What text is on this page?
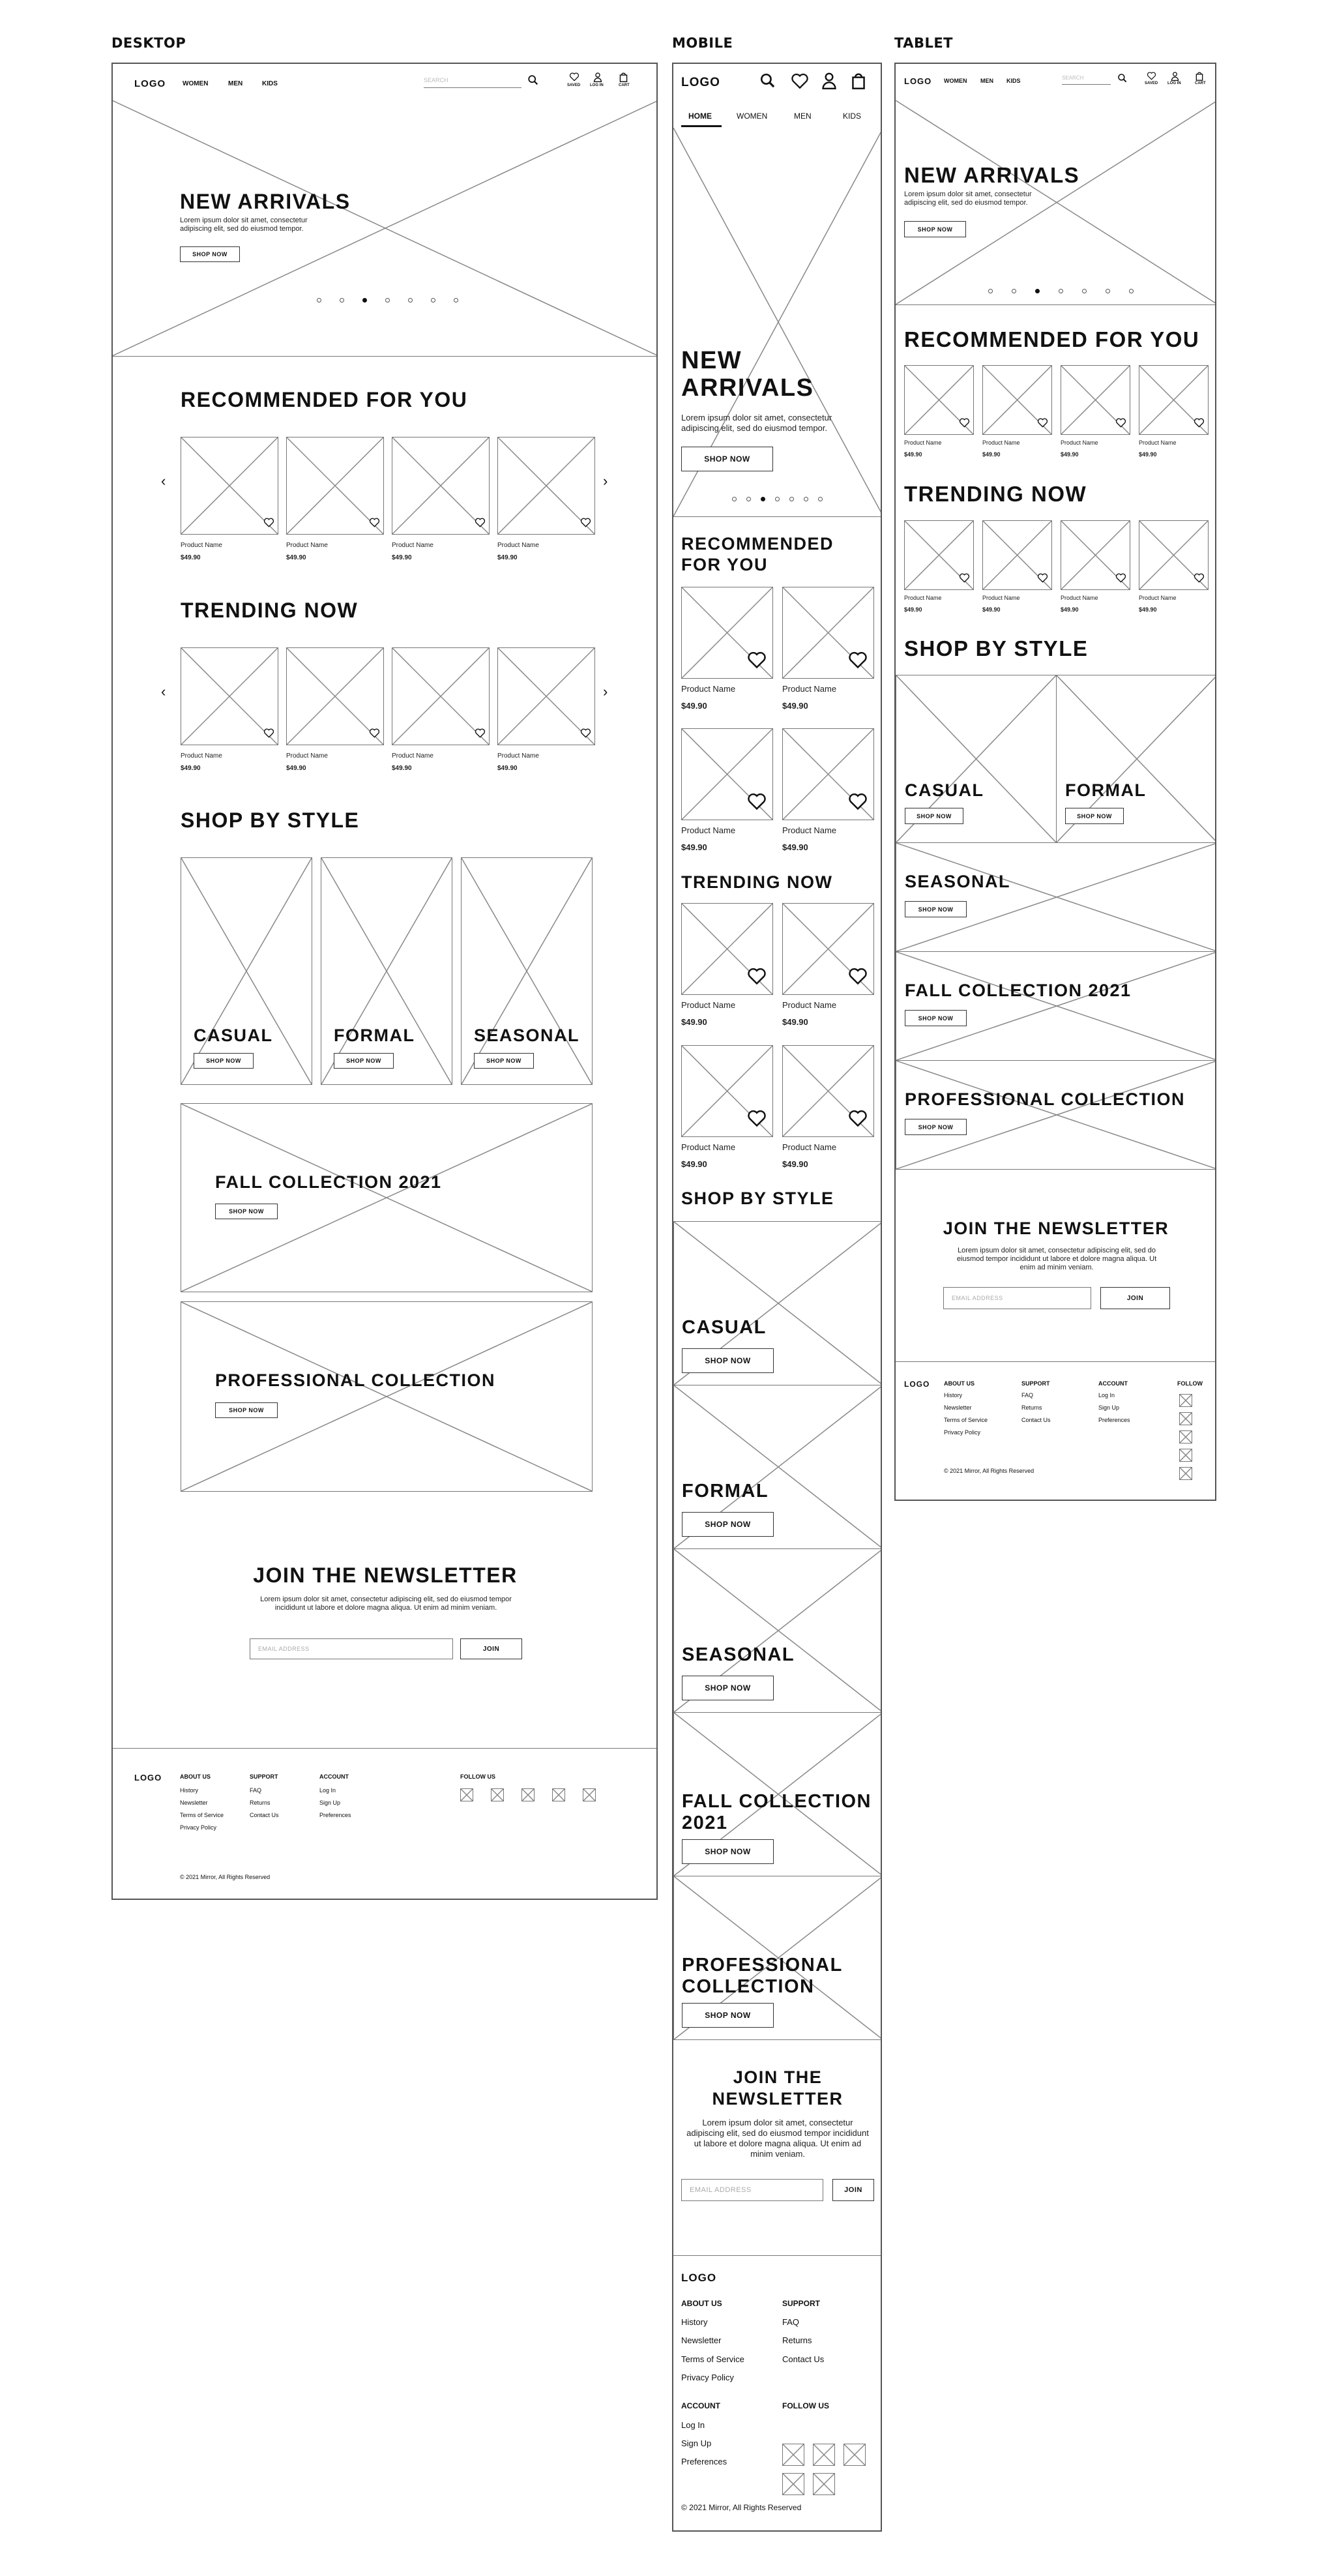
DESKTOP	MOBILE	TABLET
LOGO	WOMEN	MEN	KIDS	SEARCH
SAVED LOG IN	CART
NEW ARRIVALS
Lorem ipsum dolor sit amet, consectetur
adipiscing elit, sed do eiusmod tempor.
SHOP NOW
RECOMMENDED FOR YOU
TRENDING NOW
SHOP BY STYLE
‹	›
‹	›
CASUAL
SHOP NOW
FORMAL
SHOP NOW
SEASONAL
SHOP NOW
FALL COLLECTION 2021
SHOP NOW
PROFESSIONAL COLLECTION
SHOP NOW
JOIN THE NEWSLETTER
Lorem ipsum dolor sit amet, consectetur adipiscing elit, sed do eiusmod tempor incididunt ut labore et dolore magna aliqua. Ut enim ad minim veniam.
EMAIL ADDRESS	JOIN
LOGO	ABOUT US
History
Newsletter
Terms of Service
Privacy Policy
SUPPORT
FAQ
Returns
Contact Us
ACCOUNT
Log In
Sign Up
Preferences
FOLLOW US
© 2021 Mirror, All Rights Reserved
Product Name
$49.90
Product Name
$49.90
Product Name
$49.90
Product Name
$49.90
Product Name
$49.90
Product Name
$49.90
Product Name
$49.90
Product Name
$49.90
LOGO
HOME	WOMEN	MEN	KIDS
NEW
ARRIVALS
Lorem ipsum dolor sit amet, consectetur
adipiscing elit, sed do eiusmod tempor.
SHOP NOW
RECOMMENDED
FOR YOU
TRENDING NOW
SHOP BY STYLE
JOIN THE
NEWSLETTER
Lorem ipsum dolor sit amet, consectetur adipiscing elit, sed do eiusmod tempor incididunt ut labore et dolore magna aliqua. Ut enim ad minim veniam.
EMAIL ADDRESS	JOIN
LOGO
ABOUT US
History
Newsletter
Terms of Service
Privacy Policy
SUPPORT
FAQ
Returns
Contact Us
ACCOUNT
Log In
Sign Up
Preferences
FOLLOW US
© 2021 Mirror, All Rights Reserved
Product Name
$49.90
Product Name
$49.90
Product Name
$49.90
Product Name
$49.90
Product Name
$49.90
Product Name
$49.90
Product Name
$49.90
Product Name
$49.90
CASUAL
SHOP NOW
FORMAL
SHOP NOW
SEASONAL
SHOP NOW
FALL COLLECTION
2021
SHOP NOW
PROFESSIONAL
COLLECTION
SHOP NOW
LOGO WOMEN MEN KIDS	SEARCH
SAVED LOG IN	CART
NEW ARRIVALS
Lorem ipsum dolor sit amet, consectetur
adipiscing elit, sed do eiusmod tempor.
SHOP NOW
RECOMMENDED FOR YOU
TRENDING NOW
SHOP BY STYLE
CASUAL
SHOP NOW
FORMAL
SHOP NOW
SEASONAL
SHOP NOW
FALL COLLECTION 2021
SHOP NOW
PROFESSIONAL COLLECTION
SHOP NOW
JOIN THE NEWSLETTER
Lorem ipsum dolor sit amet, consectetur adipiscing elit, sed do eiusmod tempor incididunt ut labore et dolore magna aliqua. Ut enim ad minim veniam.
EMAIL ADDRESS	JOIN
LOGO ABOUT US
History
Newsletter
Terms of Service
Privacy Policy
SUPPORT
FAQ
Returns
Contact Us
ACCOUNT
Log In
Sign Up
Preferences
FOLLOW
© 2021 Mirror, All Rights Reserved
Product Name
$49.90
Product Name
$49.90
Product Name
$49.90
Product Name
$49.90
Product Name
$49.90
Product Name
$49.90
Product Name
$49.90
Product Name
$49.90
